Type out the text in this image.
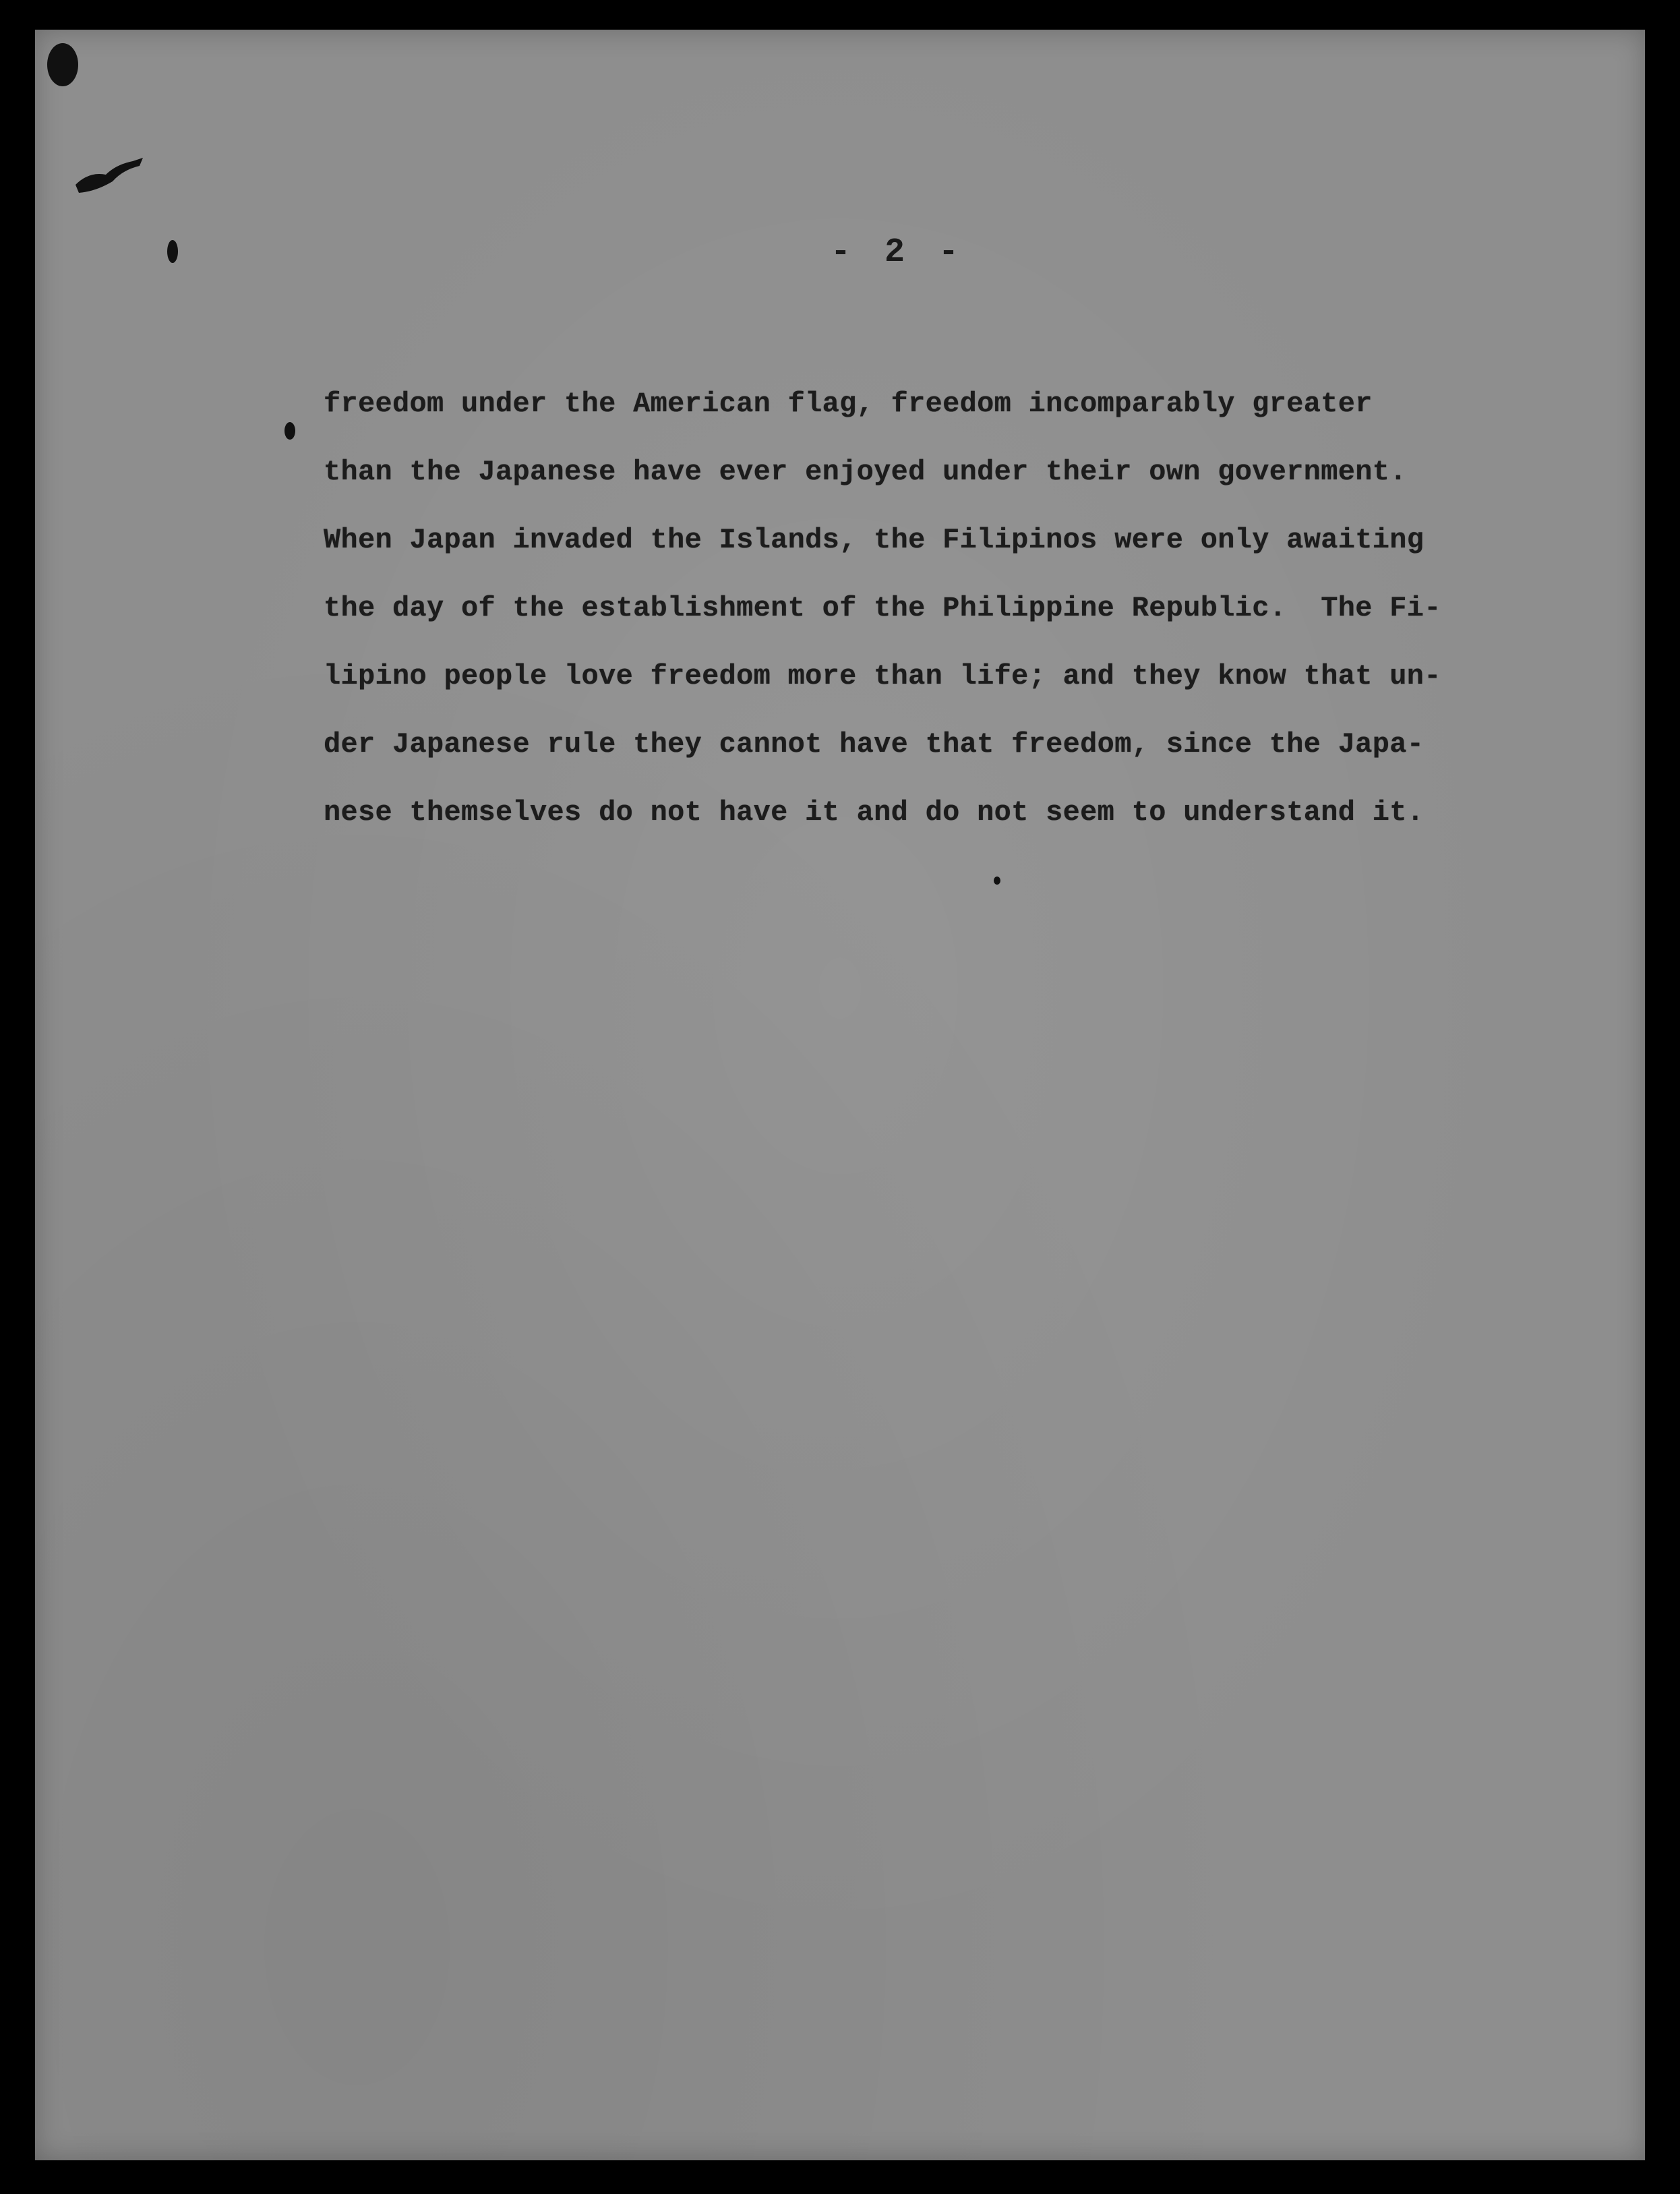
- 2 -
freedom under the American flag, freedom incomparably greater
than the Japanese have ever enjoyed under their own government.
When Japan invaded the Islands, the Filipinos were only awaiting
the day of the establishment of the Philippine Republic.  The Fi-
lipino people love freedom more than life; and they know that un-
der Japanese rule they cannot have that freedom, since the Japa-
nese themselves do not have it and do not seem to understand it.
